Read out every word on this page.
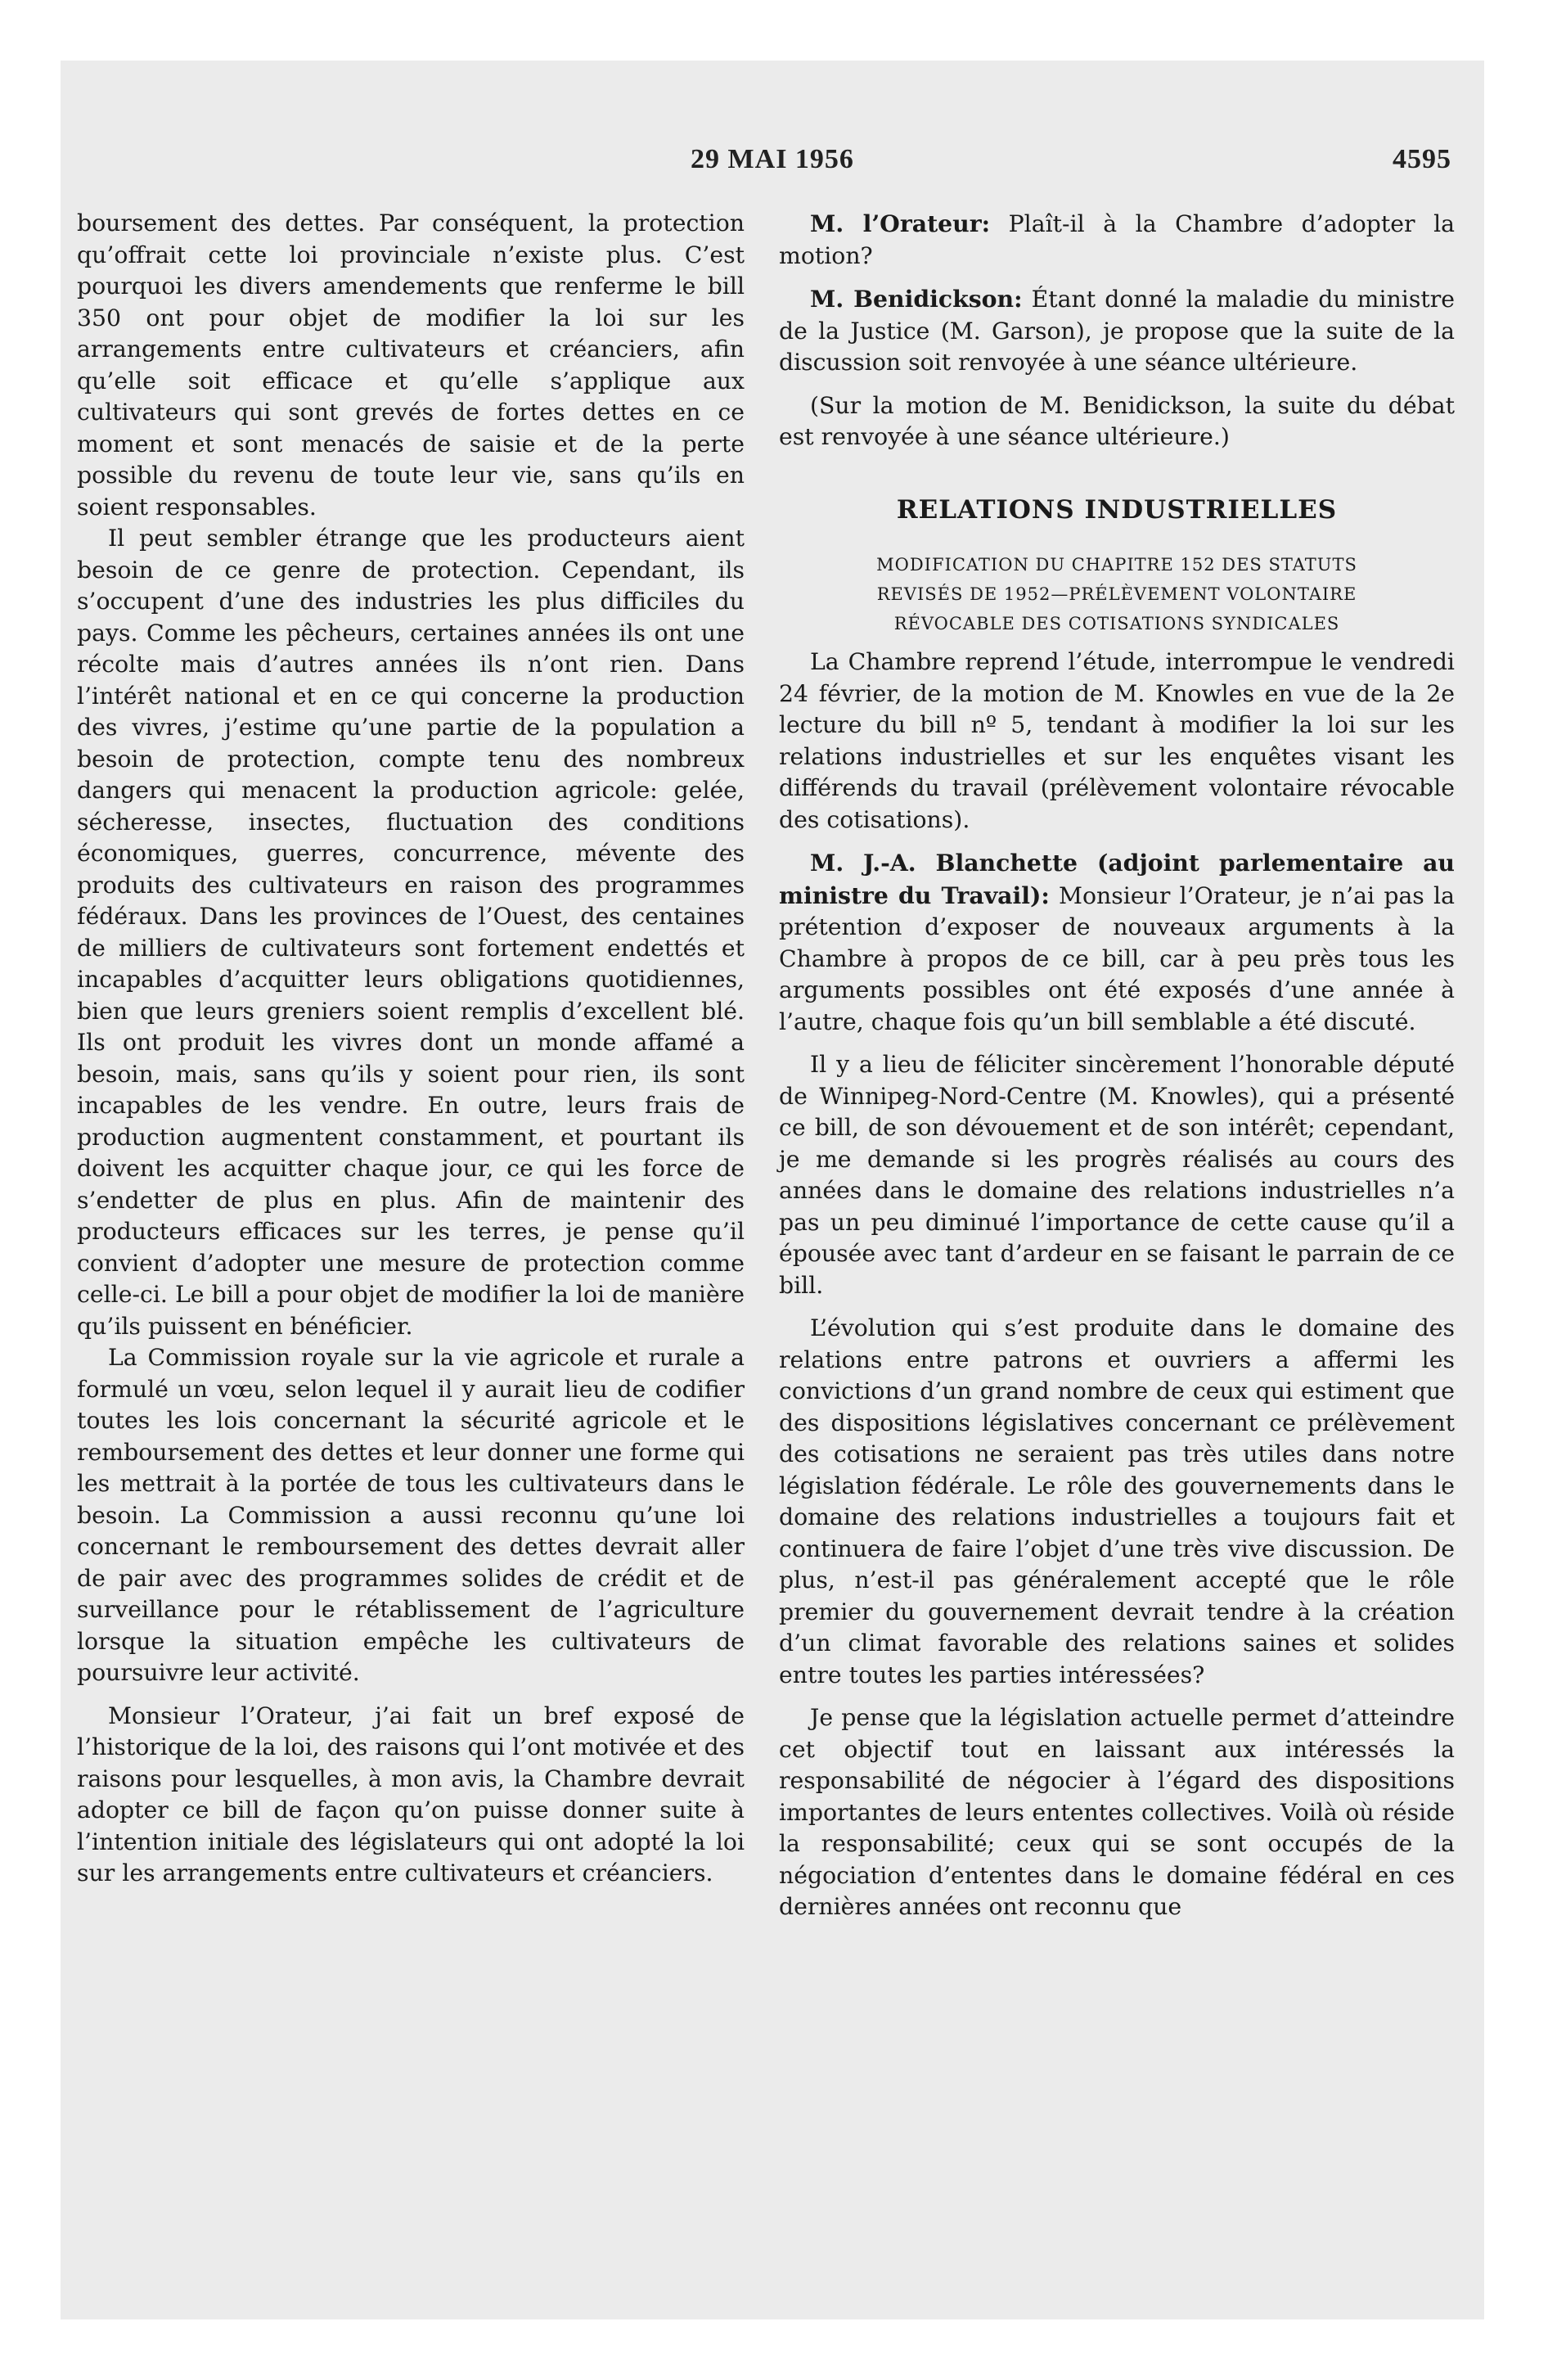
29 MAI 1956	4595

boursement des dettes. Par conséquent, la protection qu’offrait cette loi provinciale n’existe plus. C’est pourquoi les divers amendements que renferme le bill 350 ont pour objet de modifier la loi sur les arrangements entre cultivateurs et créanciers, afin qu’elle soit efficace et qu’elle s’applique aux cultivateurs qui sont grevés de fortes dettes en ce moment et sont menacés de saisie et de la perte possible du revenu de toute leur vie, sans qu’ils en soient responsables.

Il peut sembler étrange que les producteurs aient besoin de ce genre de protection. Cependant, ils s’occupent d’une des industries les plus difficiles du pays. Comme les pêcheurs, certaines années ils ont une récolte mais d’autres années ils n’ont rien. Dans l’intérêt national et en ce qui concerne la production des vivres, j’estime qu’une partie de la population a besoin de protection, compte tenu des nombreux dangers qui menacent la production agricole: gelée, sécheresse, insectes, fluctuation des conditions économiques, guerres, concurrence, mévente des produits des cultivateurs en raison des programmes fédéraux. Dans les provinces de l’Ouest, des centaines de milliers de cultivateurs sont fortement endettés et incapables d’acquitter leurs obligations quotidiennes, bien que leurs greniers soient remplis d’excellent blé. Ils ont produit les vivres dont un monde affamé a besoin, mais, sans qu’ils y soient pour rien, ils sont incapables de les vendre. En outre, leurs frais de production augmentent constamment, et pourtant ils doivent les acquitter chaque jour, ce qui les force de s’endetter de plus en plus. Afin de maintenir des producteurs efficaces sur les terres, je pense qu’il convient d’adopter une mesure de protection comme celle-ci. Le bill a pour objet de modifier la loi de manière qu’ils puissent en bénéficier.

La Commission royale sur la vie agricole et rurale a formulé un vœu, selon lequel il y aurait lieu de codifier toutes les lois concernant la sécurité agricole et le remboursement des dettes et leur donner une forme qui les mettrait à la portée de tous les cultivateurs dans le besoin. La Commission a aussi reconnu qu’une loi concernant le remboursement des dettes devrait aller de pair avec des programmes solides de crédit et de surveillance pour le rétablissement de l’agriculture lorsque la situation empêche les cultivateurs de poursuivre leur activité.

Monsieur l’Orateur, j’ai fait un bref exposé de l’historique de la loi, des raisons qui l’ont motivée et des raisons pour lesquelles, à mon avis, la Chambre devrait adopter ce bill de façon qu’on puisse donner suite à l’intention initiale des législateurs qui ont adopté la loi sur les arrangements entre cultivateurs et créanciers.

M. l’Orateur: Plaît-il à la Chambre d’adopter la motion?

M. Benidickson: Étant donné la maladie du ministre de la Justice (M. Garson), je propose que la suite de la discussion soit renvoyée à une séance ultérieure.

(Sur la motion de M. Benidickson, la suite du débat est renvoyée à une séance ultérieure.)

RELATIONS INDUSTRIELLES
MODIFICATION DU CHAPITRE 152 DES STATUTS
REVISÉS DE 1952—PRÉLÈVEMENT VOLONTAIRE
RÉVOCABLE DES COTISATIONS SYNDICALES

La Chambre reprend l’étude, interrompue le vendredi 24 février, de la motion de M. Knowles en vue de la 2e lecture du bill nº 5, tendant à modifier la loi sur les relations industrielles et sur les enquêtes visant les différends du travail (prélèvement volontaire révocable des cotisations).

M. J.-A. Blanchette (adjoint parlementaire au ministre du Travail): Monsieur l’Orateur, je n’ai pas la prétention d’exposer de nouveaux arguments à la Chambre à propos de ce bill, car à peu près tous les arguments possibles ont été exposés d’une année à l’autre, chaque fois qu’un bill semblable a été discuté.

Il y a lieu de féliciter sincèrement l’honorable député de Winnipeg-Nord-Centre (M. Knowles), qui a présenté ce bill, de son dévouement et de son intérêt; cependant, je me demande si les progrès réalisés au cours des années dans le domaine des relations industrielles n’a pas un peu diminué l’importance de cette cause qu’il a épousée avec tant d’ardeur en se faisant le parrain de ce bill.

L’évolution qui s’est produite dans le domaine des relations entre patrons et ouvriers a affermi les convictions d’un grand nombre de ceux qui estiment que des dispositions législatives concernant ce prélèvement des cotisations ne seraient pas très utiles dans notre législation fédérale. Le rôle des gouvernements dans le domaine des relations industrielles a toujours fait et continuera de faire l’objet d’une très vive discussion. De plus, n’est-il pas généralement accepté que le rôle premier du gouvernement devrait tendre à la création d’un climat favorable des relations saines et solides entre toutes les parties intéressées?

Je pense que la législation actuelle permet d’atteindre cet objectif tout en laissant aux intéressés la responsabilité de négocier à l’égard des dispositions importantes de leurs ententes collectives. Voilà où réside la responsabilité; ceux qui se sont occupés de la négociation d’ententes dans le domaine fédéral en ces dernières années ont reconnu que
